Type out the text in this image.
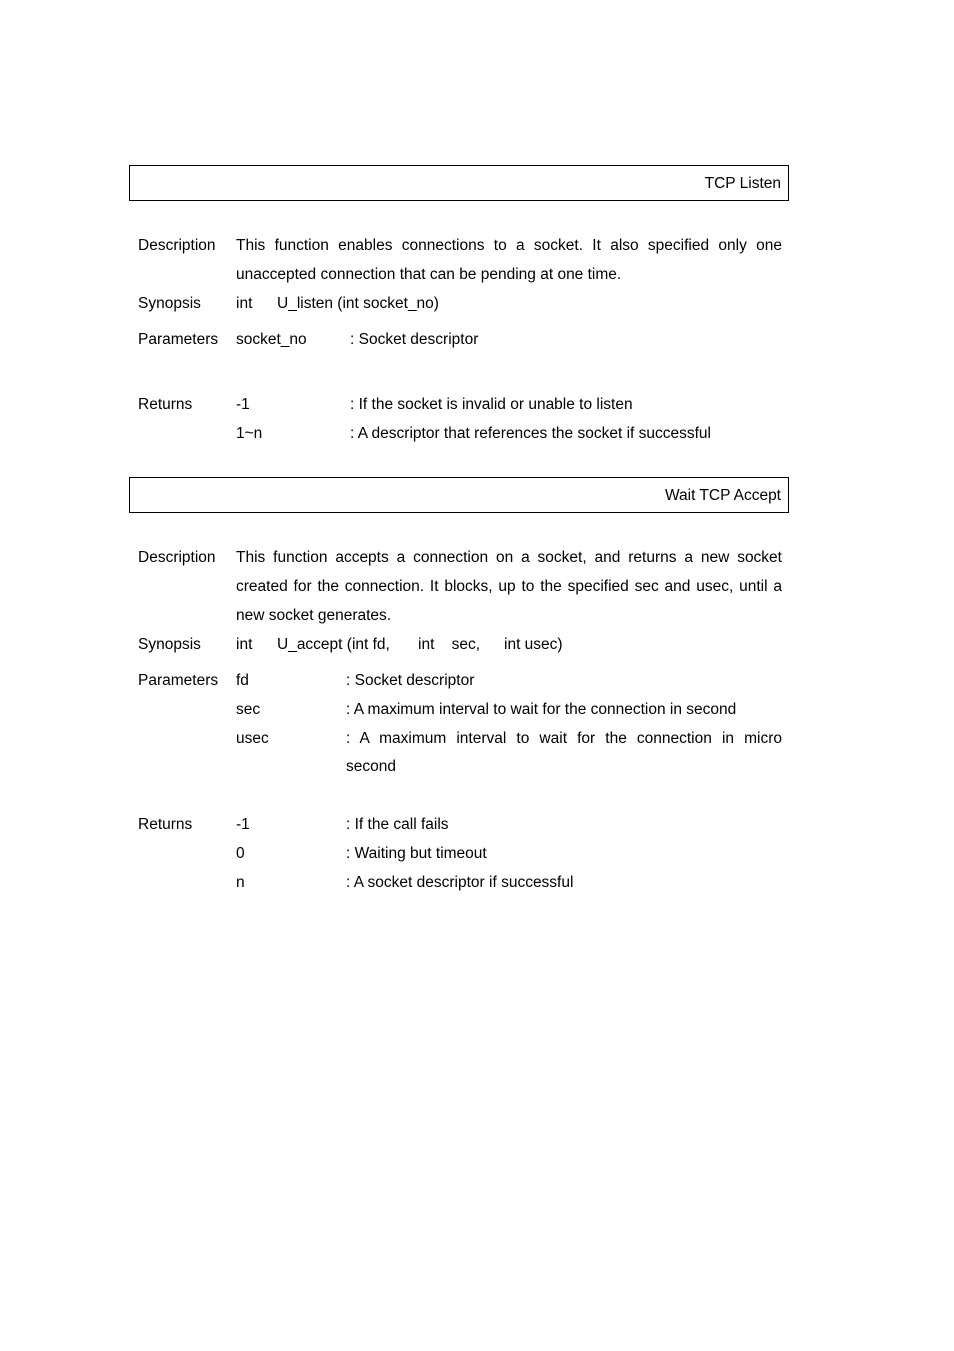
TCP Listen
Description This function enables connections to a socket. It also specified only one
unaccepted connection that can be pending at one time.
Synopsis int U_listen (int socket_no)
Parameters socket_no	: Socket descriptor
Returns	-1	: If the socket is invalid or unable to listen
1~n	: A descriptor that references the socket if successful
Wait TCP Accept
Description This function accepts a connection on a socket, and returns a new socket
created for the connection. It blocks, up to the specified sec and usec, until a
new socket generates.
Synopsis int U_accept (int fd, int    sec, int usec)
Parameters fd	: Socket descriptor
sec	: A maximum interval to wait for the connection in second
usec	: A maximum interval to wait for the connection in micro
second
Returns	-1	: If the call fails
0	: Waiting but timeout
n	: A socket descriptor if successful
